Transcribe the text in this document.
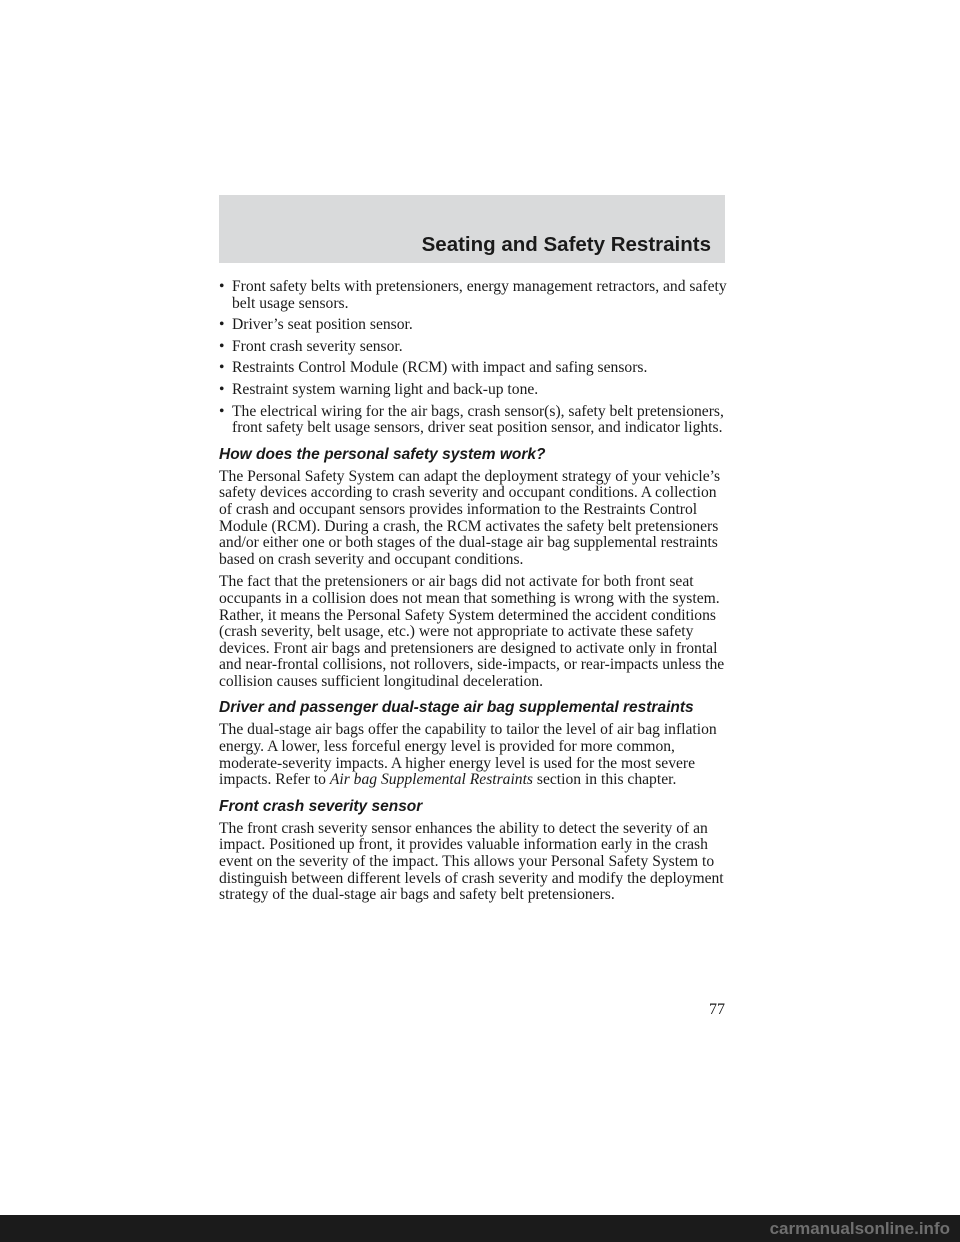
Seating and Safety Restraints
• Front safety belts with pretensioners, energy management retractors, and safety belt usage sensors.
• Driver’s seat position sensor.
• Front crash severity sensor.
• Restraints Control Module (RCM) with impact and safing sensors.
• Restraint system warning light and back-up tone.
• The electrical wiring for the air bags, crash sensor(s), safety belt pretensioners, front safety belt usage sensors, driver seat position sensor, and indicator lights.
How does the personal safety system work?

The Personal Safety System can adapt the deployment strategy of your vehicle’s safety devices according to crash severity and occupant conditions. A collection of crash and occupant sensors provides information to the Restraints Control Module (RCM). During a crash, the RCM activates the safety belt pretensioners and/or either one or both stages of the dual-stage air bag supplemental restraints based on crash severity and occupant conditions.

The fact that the pretensioners or air bags did not activate for both front seat occupants in a collision does not mean that something is wrong with the system. Rather, it means the Personal Safety System determined the accident conditions (crash severity, belt usage, etc.) were not appropriate to activate these safety devices. Front air bags and pretensioners are designed to activate only in frontal and near-frontal collisions, not rollovers, side-impacts, or rear-impacts unless the collision causes sufficient longitudinal deceleration.

Driver and passenger dual-stage air bag supplemental restraints

The dual-stage air bags offer the capability to tailor the level of air bag inflation energy. A lower, less forceful energy level is provided for more common, moderate-severity impacts. A higher energy level is used for the most severe impacts. Refer to Air bag Supplemental Restraints section in this chapter.

Front crash severity sensor

The front crash severity sensor enhances the ability to detect the severity of an impact. Positioned up front, it provides valuable information early in the crash event on the severity of the impact. This allows your Personal Safety System to distinguish between different levels of crash severity and modify the deployment strategy of the dual-stage air bags and safety belt pretensioners.

77
carmanualsonline.info
